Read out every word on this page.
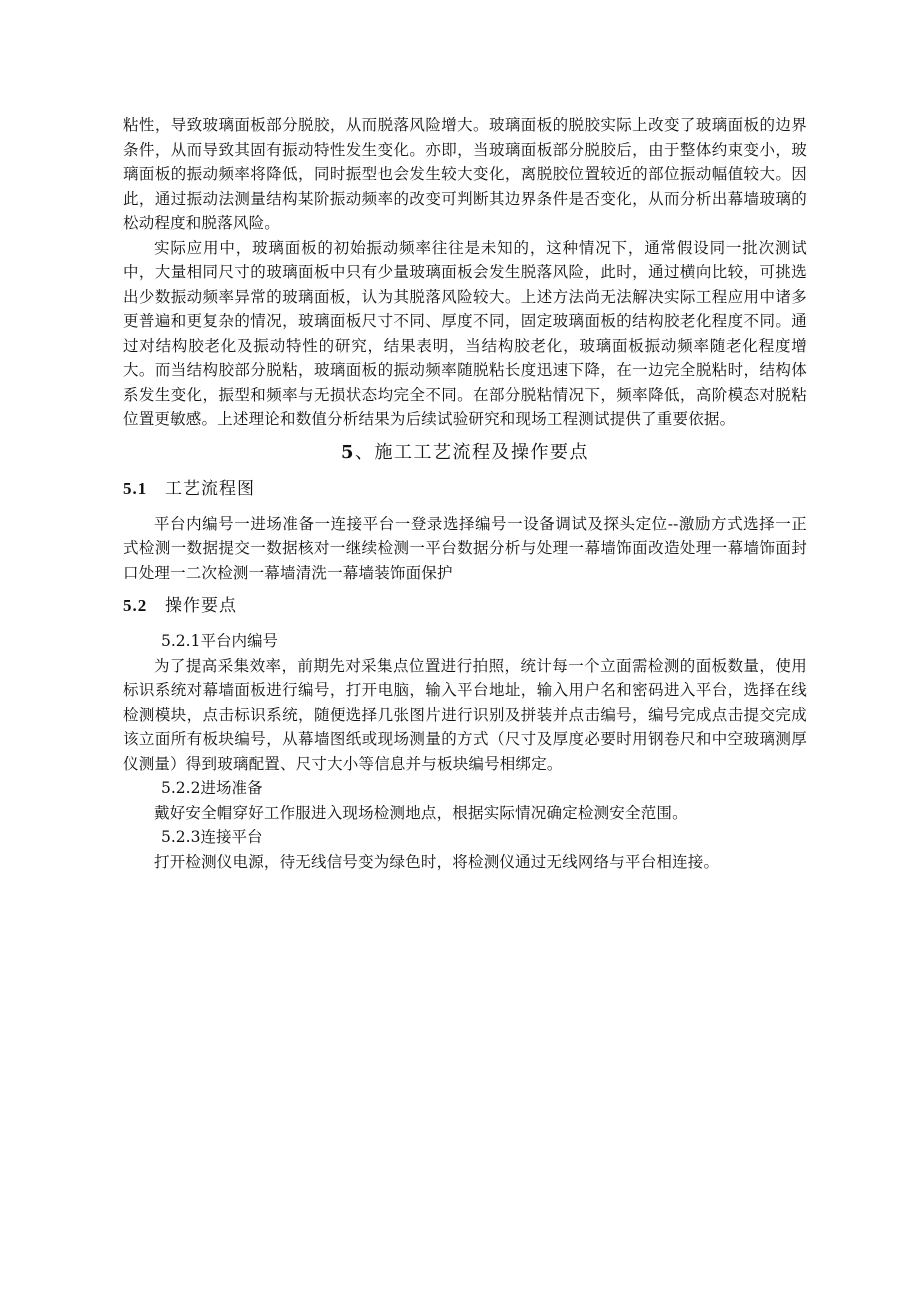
粘性，导致玻璃面板部分脱胶，从而脱落风险增大。玻璃面板的脱胶实际上改变了玻璃面板的边界条件，从而导致其固有振动特性发生变化。亦即，当玻璃面板部分脱胶后，由于整体约束变小，玻璃面板的振动频率将降低，同时振型也会发生较大变化，离脱胶位置较近的部位振动幅值较大。因此，通过振动法测量结构某阶振动频率的改变可判断其边界条件是否变化，从而分析出幕墙玻璃的松动程度和脱落风险。

实际应用中，玻璃面板的初始振动频率往往是未知的，这种情况下，通常假设同一批次测试中，大量相同尺寸的玻璃面板中只有少量玻璃面板会发生脱落风险，此时，通过横向比较，可挑选出少数振动频率异常的玻璃面板，认为其脱落风险较大。上述方法尚无法解决实际工程应用中诸多更普遍和更复杂的情况，玻璃面板尺寸不同、厚度不同，固定玻璃面板的结构胶老化程度不同。通过对结构胶老化及振动特性的研究，结果表明，当结构胶老化，玻璃面板振动频率随老化程度增大。而当结构胶部分脱粘，玻璃面板的振动频率随脱粘长度迅速下降，在一边完全脱粘时，结构体系发生变化，振型和频率与无损状态均完全不同。在部分脱粘情况下，频率降低，高阶模态对脱粘位置更敏感。上述理论和数值分析结果为后续试验研究和现场工程测试提供了重要依据。

5、施工工艺流程及操作要点
5.1 工艺流程图

平台内编号一进场准备一连接平台一登录选择编号一设备调试及探头定位--激励方式选择一正式检测一数据提交一数据核对一继续检测一平台数据分析与处理一幕墙饰面改造处理一幕墙饰面封口处理一二次检测一幕墙清洗一幕墙装饰面保护

5.2 操作要点
5.2.1平台内编号

为了提高采集效率，前期先对采集点位置进行拍照，统计每一个立面需检测的面板数量，使用标识系统对幕墙面板进行编号，打开电脑，输入平台地址，输入用户名和密码进入平台，选择在线检测模块，点击标识系统，随便选择几张图片进行识别及拼装并点击编号，编号完成点击提交完成该立面所有板块编号，从幕墙图纸或现场测量的方式（尺寸及厚度必要时用钢卷尺和中空玻璃测厚仪测量）得到玻璃配置、尺寸大小等信息并与板块编号相绑定。

5.2.2进场准备

戴好安全帽穿好工作服进入现场检测地点，根据实际情况确定检测安全范围。

5.2.3连接平台

打开检测仪电源，待无线信号变为绿色时，将检测仪通过无线网络与平台相连接。
